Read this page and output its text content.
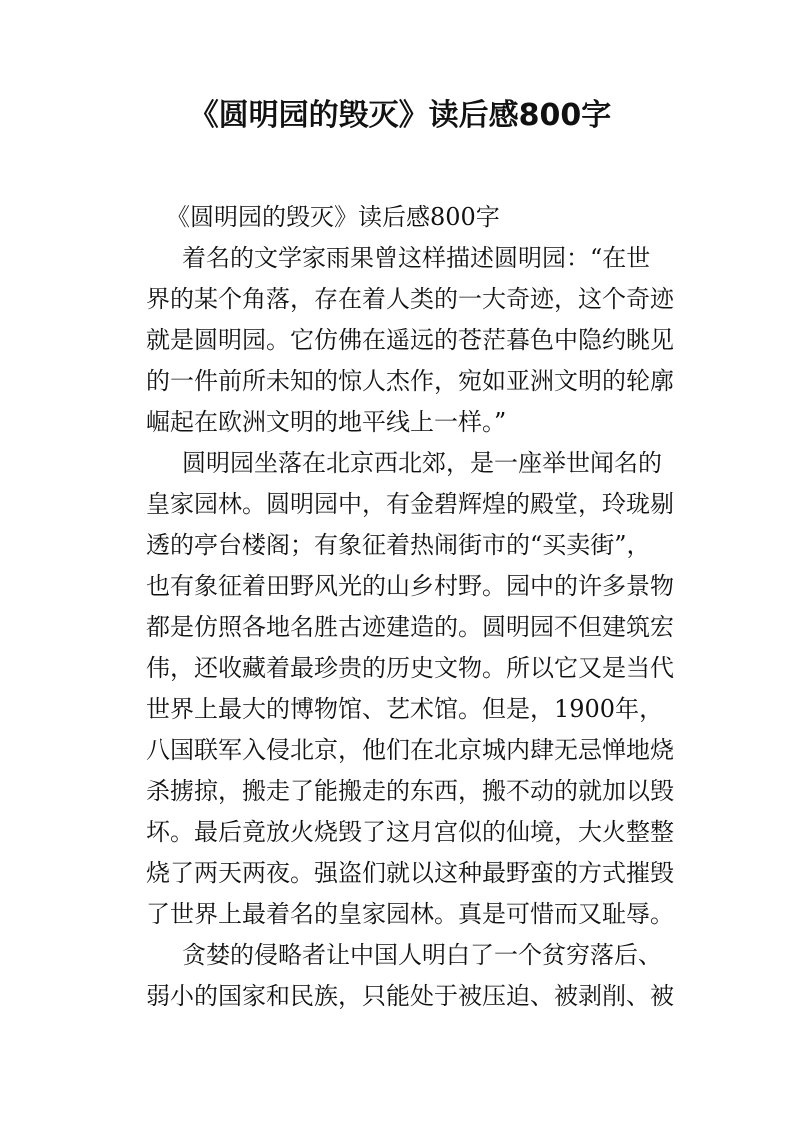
《圆明园的毁灭》读后感800字
《圆明园的毁灭》读后感800字
着名的文学家雨果曾这样描述圆明园：“在世
界的某个角落，存在着人类的一大奇迹，这个奇迹
就是圆明园。它仿佛在遥远的苍茫暮色中隐约眺见
的一件前所未知的惊人杰作，宛如亚洲文明的轮廓
崛起在欧洲文明的地平线上一样。”
圆明园坐落在北京西北郊，是一座举世闻名的
皇家园林。圆明园中，有金碧辉煌的殿堂，玲珑剔
透的亭台楼阁；有象征着热闹街市的“买卖街”，
也有象征着田野风光的山乡村野。园中的许多景物
都是仿照各地名胜古迹建造的。圆明园不但建筑宏
伟，还收藏着最珍贵的历史文物。所以它又是当代
世界上最大的博物馆、艺术馆。但是，1900年，
八国联军入侵北京，他们在北京城内肆无忌惮地烧
杀掳掠，搬走了能搬走的东西，搬不动的就加以毁
坏。最后竟放火烧毁了这月宫似的仙境，大火整整
烧了两天两夜。强盗们就以这种最野蛮的方式摧毁
了世界上最着名的皇家园林。真是可惜而又耻辱。
贪婪的侵略者让中国人明白了一个贫穷落后、
弱小的国家和民族，只能处于被压迫、被剥削、被
